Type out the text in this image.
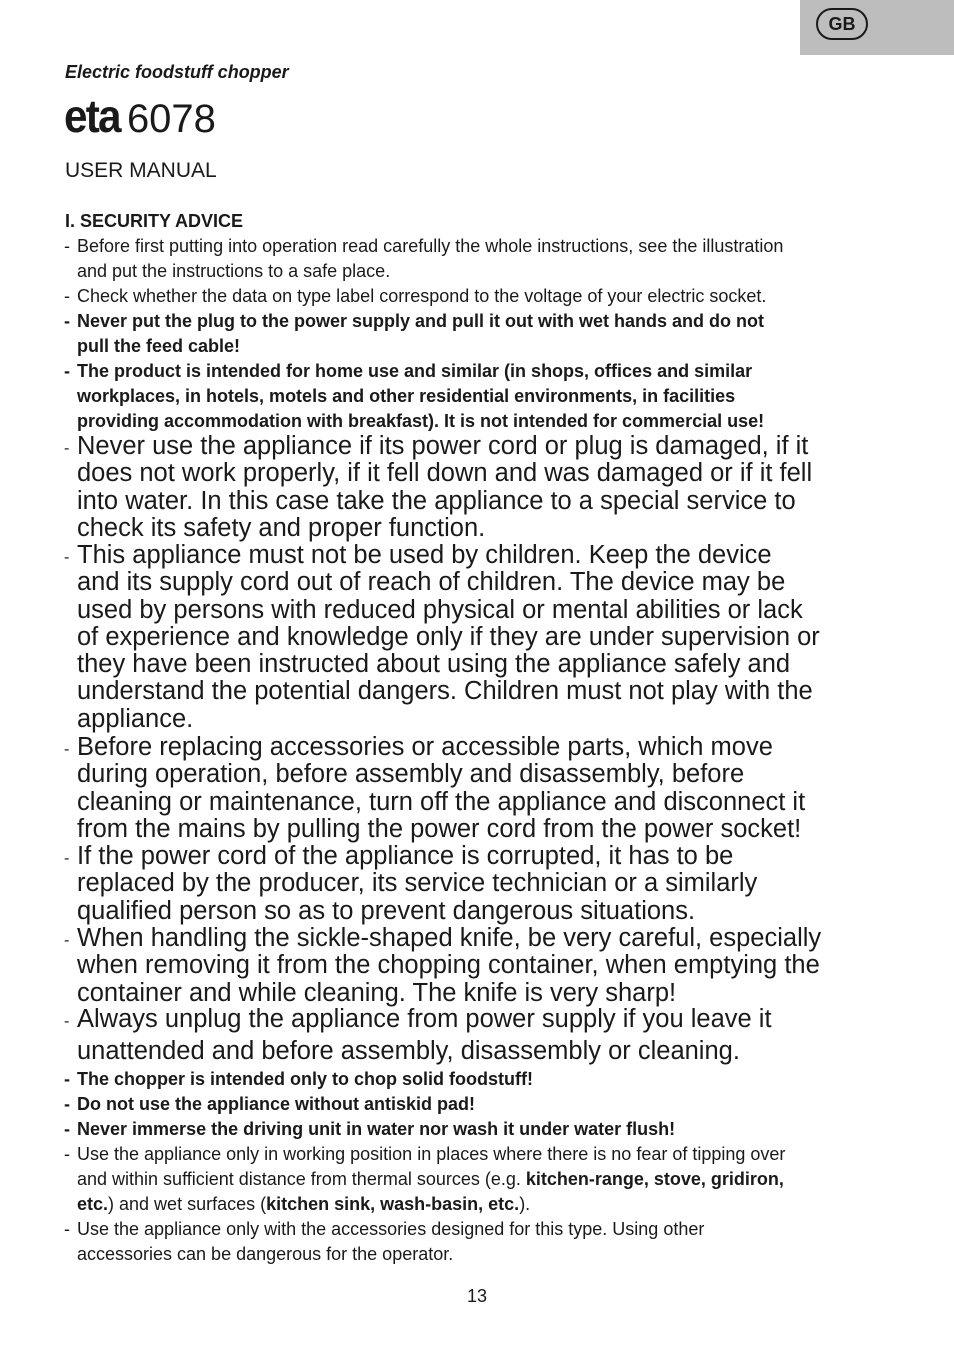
GB
Electric foodstuff chopper
eta 6078
USER MANUAL
I. SECURITY ADVICE
- Before first putting into operation read carefully the whole instructions, see the illustration
and put the instructions to a safe place.
- Check whether the data on type label correspond to the voltage of your electric socket.
- Never put the plug to the power supply and pull it out with wet hands and do not
pull the feed cable!
- The product is intended for home use and similar (in shops, offices and similar
workplaces, in hotels, motels and other residential environments, in facilities
providing accommodation with breakfast). It is not intended for commercial use!
- Never use the appliance if its power cord or plug is damaged, if it
does not work properly, if it fell down and was damaged or if it fell
into water. In this case take the appliance to a special service to
check its safety and proper function.
- This appliance must not be used by children. Keep the device
and its supply cord out of reach of children. The device may be
used by persons with reduced physical or mental abilities or lack
of experience and knowledge only if they are under supervision or
they have been instructed about using the appliance safely and
understand the potential dangers. Children must not play with the
appliance.
- Before replacing accessories or accessible parts, which move
during operation, before assembly and disassembly, before
cleaning or maintenance, turn off the appliance and disconnect it
from the mains by pulling the power cord from the power socket!
- If the power cord of the appliance is corrupted, it has to be
replaced by the producer, its service technician or a similarly
qualified person so as to prevent dangerous situations.
- When handling the sickle-shaped knife, be very careful, especially
when removing it from the chopping container, when emptying the
container and while cleaning. The knife is very sharp!
- Always unplug the appliance from power supply if you leave it
unattended and before assembly, disassembly or cleaning.
- The chopper is intended only to chop solid foodstuff!
- Do not use the appliance without antiskid pad!
- Never immerse the driving unit in water nor wash it under water flush!
- Use the appliance only in working position in places where there is no fear of tipping over
and within sufficient distance from thermal sources (e.g. kitchen-range, stove, gridiron,
etc.) and wet surfaces (kitchen sink, wash-basin, etc.).
- Use the appliance only with the accessories designed for this type. Using other
accessories can be dangerous for the operator.
13
